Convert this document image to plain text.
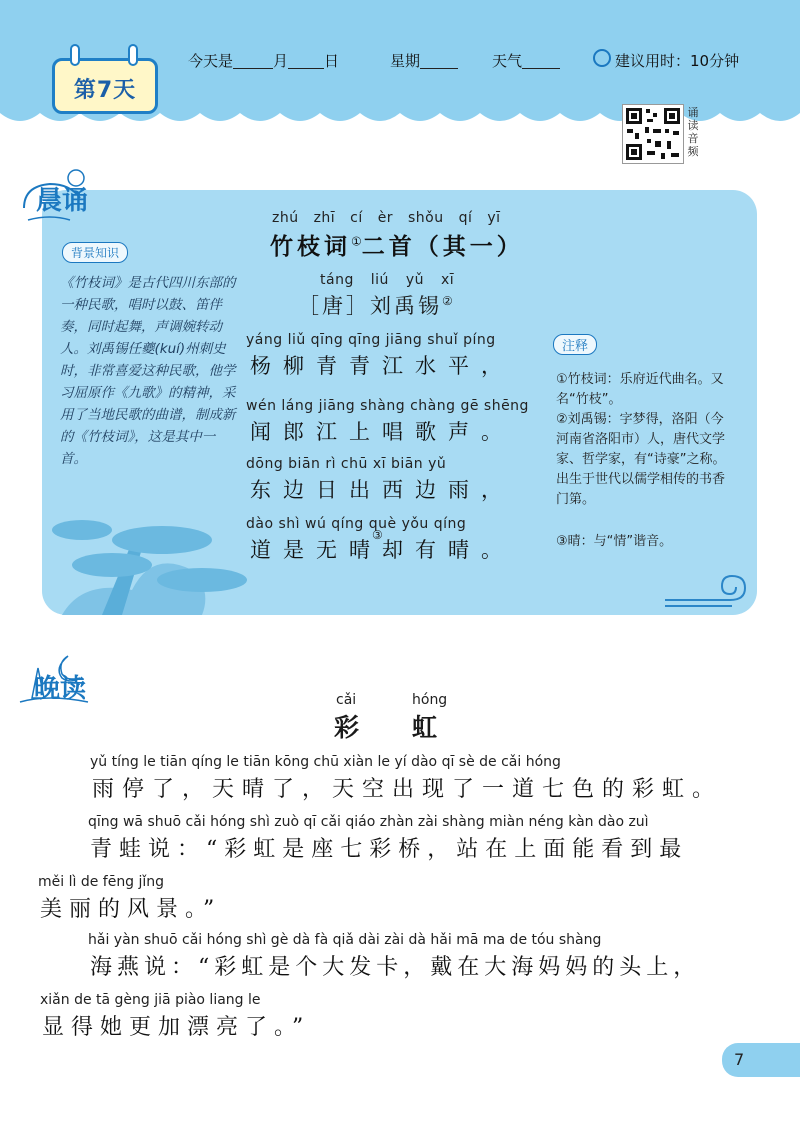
第7天
今天是	月 日	星期	天气	建议用时：10分钟
诵读音频
晨诵
背景知识
《竹枝词》是古代四川东部的一种民歌，唱时以鼓、笛伴奏，同时起舞，声调婉转动人。刘禹锡任夔(kuí)州刺史时，非常喜爱这种民歌，他学习屈原作《九歌》的精神，采用了当地民歌的曲谱，制成新的《竹枝词》，这是其中一首。
zhú zhī cí èr shǒu qí yī
竹枝词①二首（其一）
táng liú yǔ xī
［唐］刘禹锡②
yáng liǔ qīng qīng jiāng shuǐ píng
杨柳青青江水平，
wén láng jiāng shàng chàng gē shēng
闻郎江上唱歌声。
dōng biān rì chū xī biān yǔ
东边日出西边雨，
dào shì wú qíng què yǒu qíng
道是无晴却有晴。
③
注释
①竹枝词：乐府近代曲名。又名“竹枝”。
②刘禹锡：字梦得，洛阳（今河南省洛阳市）人，唐代文学家、哲学家，有“诗豪”之称。出生于世代以儒学相传的书香门第。
③晴：与“情”谐音。
晚读	cǎi	hóng
彩 虹
yǔ tíng le tiān qíng le tiān kōng chū xiàn le yí dào qī sè de cǎi hóng
雨停了，天晴了，天空出现了一道七色的彩虹。
qīng wā shuō cǎi hóng shì zuò qī cǎi qiáo zhàn zài shàng miàn néng kàn dào zuì
青蛙说：“彩虹是座七彩桥，站在上面能看到最
měi lì de fēng jǐng
美丽的风景。”
hǎi yàn shuō cǎi hóng shì gè dà fà qiǎ dài zài dà hǎi mā ma de tóu shàng
海燕说：“彩虹是个大发卡，戴在大海妈妈的头上，
xiǎn de tā gèng jiā piào liang le
显得她更加漂亮了。”
7
